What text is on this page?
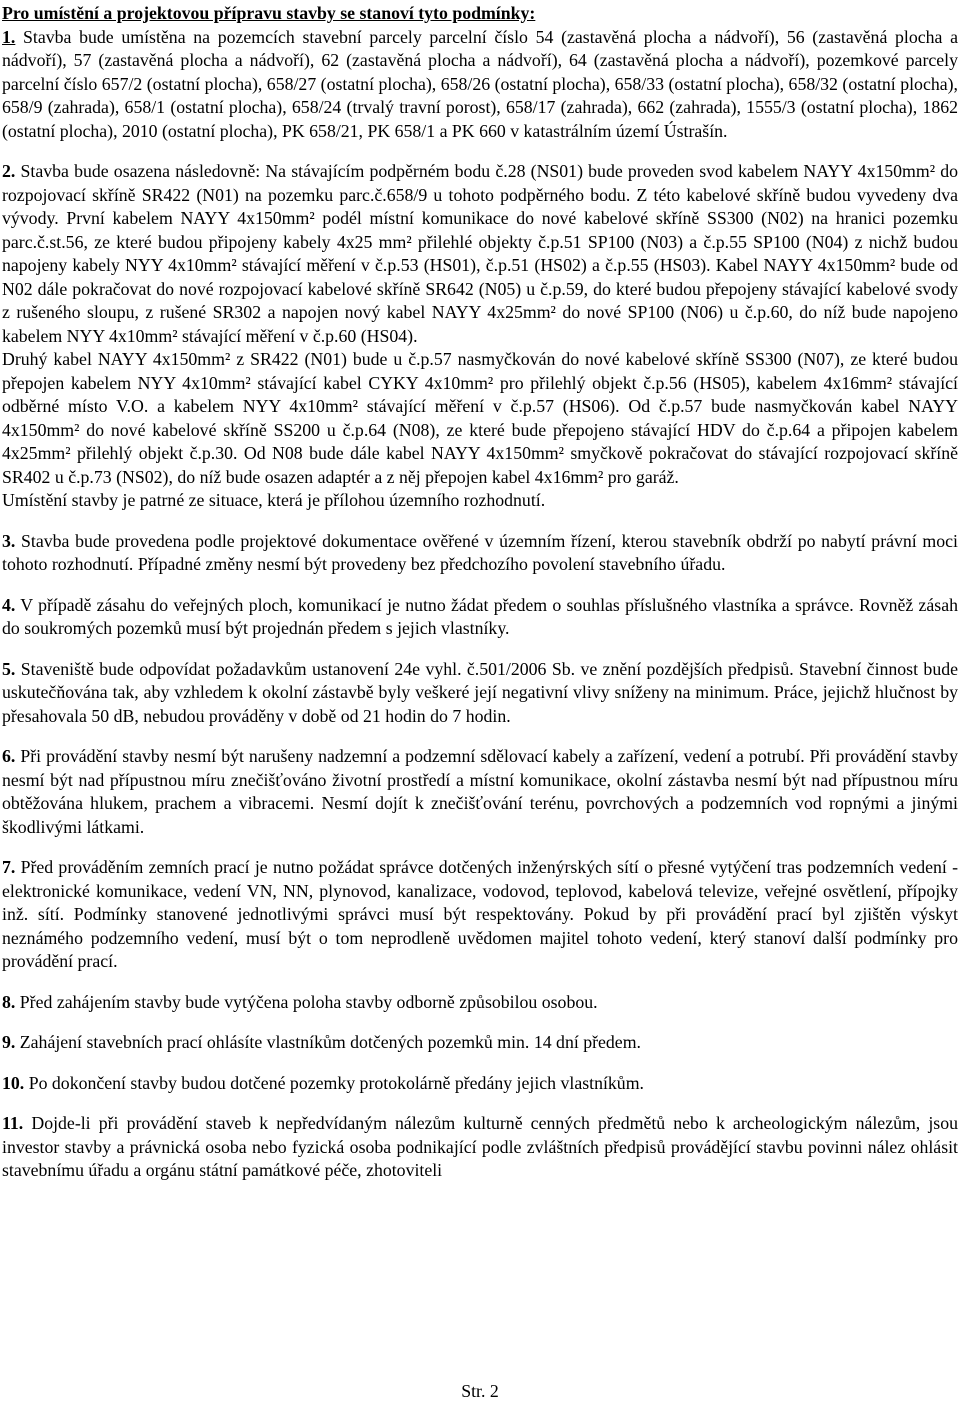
Pro umístění a projektovou přípravu stavby se stanoví tyto podmínky:

1. Stavba bude umístěna na pozemcích stavební parcely parcelní číslo 54 (zastavěná plocha a nádvoří), 56 (zastavěná plocha a nádvoří), 57 (zastavěná plocha a nádvoří), 62 (zastavěná plocha a nádvoří), 64 (zastavěná plocha a nádvoří), pozemkové parcely parcelní číslo 657/2 (ostatní plocha), 658/27 (ostatní plocha), 658/26 (ostatní plocha), 658/33 (ostatní plocha), 658/32 (ostatní plocha), 658/9 (zahrada), 658/1 (ostatní plocha), 658/24 (trvalý travní porost), 658/17 (zahrada), 662 (zahrada), 1555/3 (ostatní plocha), 1862 (ostatní plocha), 2010 (ostatní plocha), PK 658/21, PK 658/1 a PK 660 v katastrálním území Ústrašín.

2. Stavba bude osazena následovně: Na stávajícím podpěrném bodu č.28 (NS01) bude proveden svod kabelem NAYY 4x150mm² do rozpojovací skříně SR422 (N01) na pozemku parc.č.658/9 u tohoto podpěrného bodu. Z této kabelové skříně budou vyvedeny dva vývody. První kabelem NAYY 4x150mm² podél místní komunikace do nové kabelové skříně SS300 (N02) na hranici pozemku parc.č.st.56, ze které budou připojeny kabely 4x25 mm² přilehlé objekty č.p.51 SP100 (N03) a č.p.55 SP100 (N04) z nichž budou napojeny kabely NYY 4x10mm² stávající měření v č.p.53 (HS01), č.p.51 (HS02) a č.p.55 (HS03). Kabel NAYY 4x150mm² bude od N02 dále pokračovat do nové rozpojovací kabelové skříně SR642 (N05) u č.p.59, do které budou přepojeny stávající kabelové svody z rušeného sloupu, z rušené SR302 a napojen nový kabel NAYY 4x25mm² do nové SP100 (N06) u č.p.60, do níž bude napojeno kabelem NYY 4x10mm² stávající měření v č.p.60 (HS04).

Druhý kabel NAYY 4x150mm² z SR422 (N01) bude u č.p.57 nasmyčkován do nové kabelové skříně SS300 (N07), ze které budou přepojen kabelem NYY 4x10mm² stávající kabel CYKY 4x10mm² pro přilehlý objekt č.p.56 (HS05), kabelem 4x16mm² stávající odběrné místo V.O. a kabelem NYY 4x10mm² stávající měření v č.p.57 (HS06). Od č.p.57 bude nasmyčkován kabel NAYY 4x150mm² do nové kabelové skříně SS200 u č.p.64 (N08), ze které bude přepojeno stávající HDV do č.p.64 a připojen kabelem 4x25mm² přilehlý objekt č.p.30. Od N08 bude dále kabel NAYY 4x150mm² smyčkově pokračovat do stávající rozpojovací skříně SR402 u č.p.73 (NS02), do níž bude osazen adaptér a z něj přepojen kabel 4x16mm² pro garáž.

Umístění stavby je patrné ze situace, která je přílohou územního rozhodnutí.

3. Stavba bude provedena podle projektové dokumentace ověřené v územním řízení, kterou stavebník obdrží po nabytí právní moci tohoto rozhodnutí. Případné změny nesmí být provedeny bez předchozího povolení stavebního úřadu.

4. V případě zásahu do veřejných ploch, komunikací je nutno žádat předem o souhlas příslušného vlastníka a správce. Rovněž zásah do soukromých pozemků musí být projednán předem s jejich vlastníky.

5. Staveniště bude odpovídat požadavkům ustanovení 24e vyhl. č.501/2006 Sb. ve znění pozdějších předpisů. Stavební činnost bude uskutečňována tak, aby vzhledem k okolní zástavbě byly veškeré její negativní vlivy sníženy na minimum. Práce, jejichž hlučnost by přesahovala 50 dB, nebudou prováděny v době od 21 hodin do 7 hodin.

6. Při provádění stavby nesmí být narušeny nadzemní a podzemní sdělovací kabely a zařízení, vedení a potrubí. Při provádění stavby nesmí být nad přípustnou míru znečišťováno životní prostředí a místní komunikace, okolní zástavba nesmí být nad přípustnou míru obtěžována hlukem, prachem a vibracemi. Nesmí dojít k znečišťování terénu, povrchových a podzemních vod ropnými a jinými škodlivými látkami.

7. Před prováděním zemních prací je nutno požádat správce dotčených inženýrských sítí o přesné vytýčení tras podzemních vedení - elektronické komunikace, vedení VN, NN, plynovod, kanalizace, vodovod, teplovod, kabelová televize, veřejné osvětlení, přípojky inž. sítí. Podmínky stanovené jednotlivými správci musí být respektovány. Pokud by při provádění prací byl zjištěn výskyt neznámého podzemního vedení, musí být o tom neprodleně uvědomen majitel tohoto vedení, který stanoví další podmínky pro provádění prací.

8. Před zahájením stavby bude vytýčena poloha stavby odborně způsobilou osobou.

9. Zahájení stavebních prací ohlásíte vlastníkům dotčených pozemků min. 14 dní předem.

10. Po dokončení stavby budou dotčené pozemky protokolárně předány jejich vlastníkům.

11. Dojde-li při provádění staveb k nepředvídaným nálezům kulturně cenných předmětů nebo k archeologickým nálezům, jsou investor stavby a právnická osoba nebo fyzická osoba podnikající podle zvláštních předpisů provádějící stavbu povinni nález ohlásit stavebnímu úřadu a orgánu státní památkové péče, zhotoviteli

Str. 2
